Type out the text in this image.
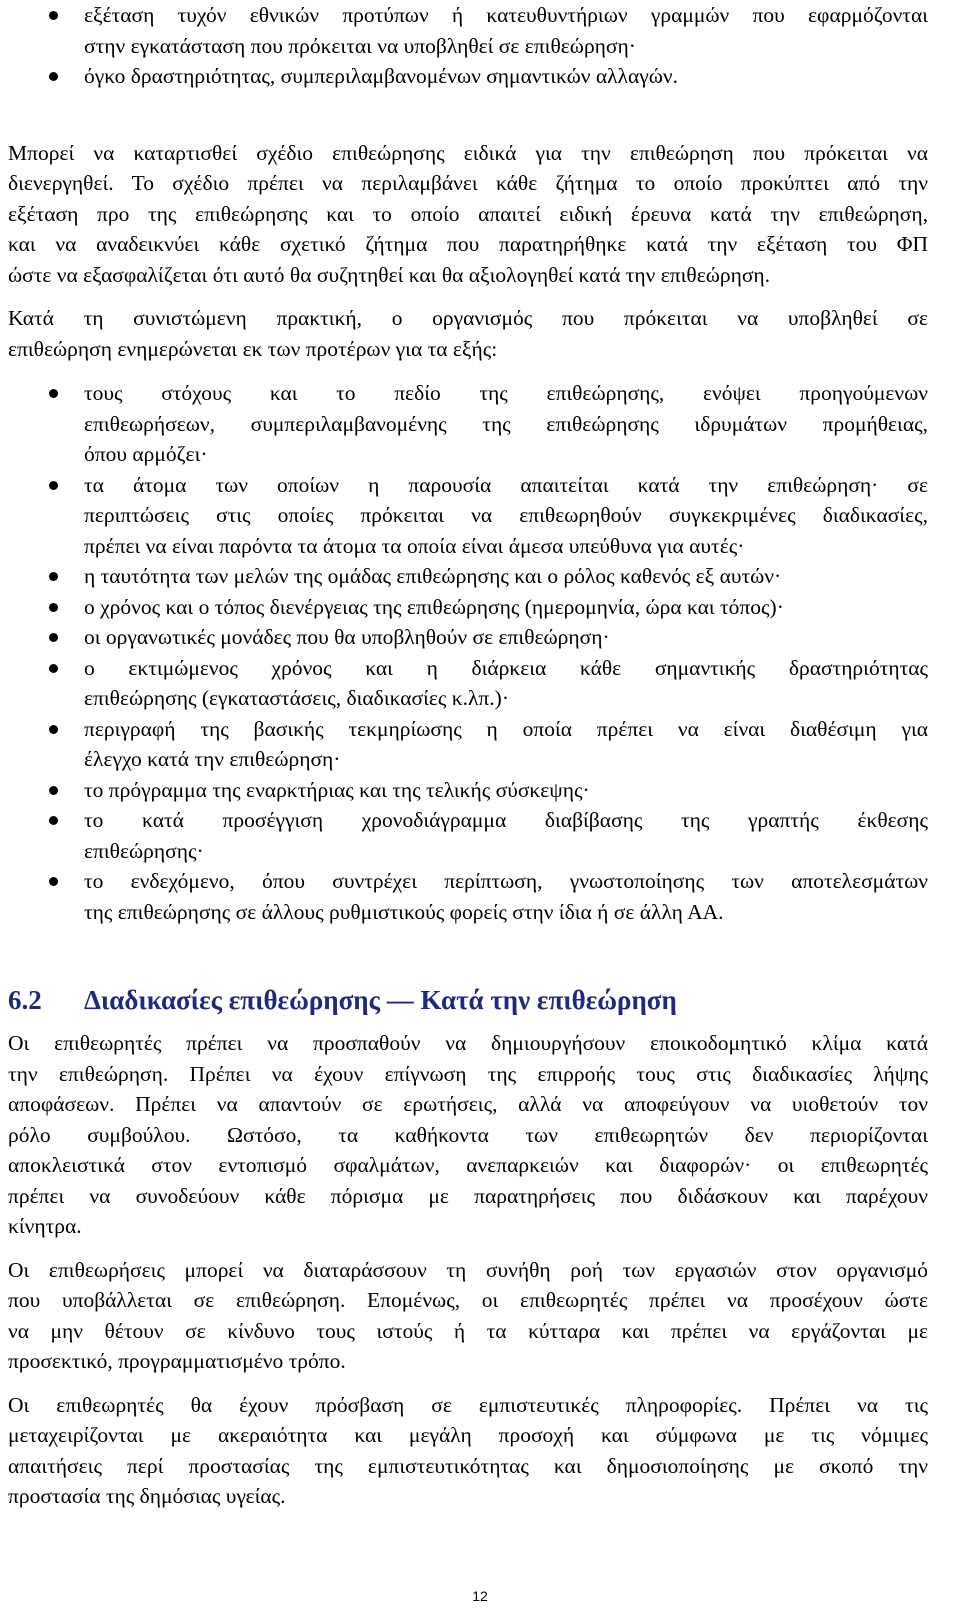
εξέταση τυχόν εθνικών προτύπων ή κατευθυντήριων γραμμών που εφαρμόζονται
στην εγκατάσταση που πρόκειται να υποβληθεί σε επιθεώρηση·
όγκο δραστηριότητας, συμπεριλαμβανομένων σημαντικών αλλαγών.

Μπορεί να καταρτισθεί σχέδιο επιθεώρησης ειδικά για την επιθεώρηση που πρόκειται να
διενεργηθεί. Το σχέδιο πρέπει να περιλαμβάνει κάθε ζήτημα το οποίο προκύπτει από την
εξέταση προ της επιθεώρησης και το οποίο απαιτεί ειδική έρευνα κατά την επιθεώρηση,
και να αναδεικνύει κάθε σχετικό ζήτημα που παρατηρήθηκε κατά την εξέταση του ΦΠ
ώστε να εξασφαλίζεται ότι αυτό θα συζητηθεί και θα αξιολογηθεί κατά την επιθεώρηση.

Κατά τη συνιστώμενη πρακτική, ο οργανισμός που πρόκειται να υποβληθεί σε
επιθεώρηση ενημερώνεται εκ των προτέρων για τα εξής:

τους στόχους και το πεδίο της επιθεώρησης, ενόψει προηγούμενων
επιθεωρήσεων, συμπεριλαμβανομένης της επιθεώρησης ιδρυμάτων προμήθειας,
όπου αρμόζει·
τα άτομα των οποίων η παρουσία απαιτείται κατά την επιθεώρηση· σε
περιπτώσεις στις οποίες πρόκειται να επιθεωρηθούν συγκεκριμένες διαδικασίες,
πρέπει να είναι παρόντα τα άτομα τα οποία είναι άμεσα υπεύθυνα για αυτές·
η ταυτότητα των μελών της ομάδας επιθεώρησης και ο ρόλος καθενός εξ αυτών·
ο χρόνος και ο τόπος διενέργειας της επιθεώρησης (ημερομηνία, ώρα και τόπος)·
οι οργανωτικές μονάδες που θα υποβληθούν σε επιθεώρηση·
ο εκτιμώμενος χρόνος και η διάρκεια κάθε σημαντικής δραστηριότητας
επιθεώρησης (εγκαταστάσεις, διαδικασίες κ.λπ.)·
περιγραφή της βασικής τεκμηρίωσης η οποία πρέπει να είναι διαθέσιμη για
έλεγχο κατά την επιθεώρηση·
το πρόγραμμα της εναρκτήριας και της τελικής σύσκεψης·
το κατά προσέγγιση χρονοδιάγραμμα διαβίβασης της γραπτής έκθεσης
επιθεώρησης·
το ενδεχόμενο, όπου συντρέχει περίπτωση, γνωστοποίησης των αποτελεσμάτων
της επιθεώρησης σε άλλους ρυθμιστικούς φορείς στην ίδια ή σε άλλη ΑΑ.
6.2 Διαδικασίες επιθεώρησης — Κατά την επιθεώρηση

Οι επιθεωρητές πρέπει να προσπαθούν να δημιουργήσουν εποικοδομητικό κλίμα κατά
την επιθεώρηση. Πρέπει να έχουν επίγνωση της επιρροής τους στις διαδικασίες λήψης
αποφάσεων. Πρέπει να απαντούν σε ερωτήσεις, αλλά να αποφεύγουν να υιοθετούν τον
ρόλο συμβούλου. Ωστόσο, τα καθήκοντα των επιθεωρητών δεν περιορίζονται
αποκλειστικά στον εντοπισμό σφαλμάτων, ανεπαρκειών και διαφορών· οι επιθεωρητές
πρέπει να συνοδεύουν κάθε πόρισμα με παρατηρήσεις που διδάσκουν και παρέχουν
κίνητρα.

Οι επιθεωρήσεις μπορεί να διαταράσσουν τη συνήθη ροή των εργασιών στον οργανισμό
που υποβάλλεται σε επιθεώρηση. Επομένως, οι επιθεωρητές πρέπει να προσέχουν ώστε
να μην θέτουν σε κίνδυνο τους ιστούς ή τα κύτταρα και πρέπει να εργάζονται με
προσεκτικό, προγραμματισμένο τρόπο.

Οι επιθεωρητές θα έχουν πρόσβαση σε εμπιστευτικές πληροφορίες. Πρέπει να τις
μεταχειρίζονται με ακεραιότητα και μεγάλη προσοχή και σύμφωνα με τις νόμιμες
απαιτήσεις περί προστασίας της εμπιστευτικότητας και δημοσιοποίησης με σκοπό την
προστασία της δημόσιας υγείας.

12
